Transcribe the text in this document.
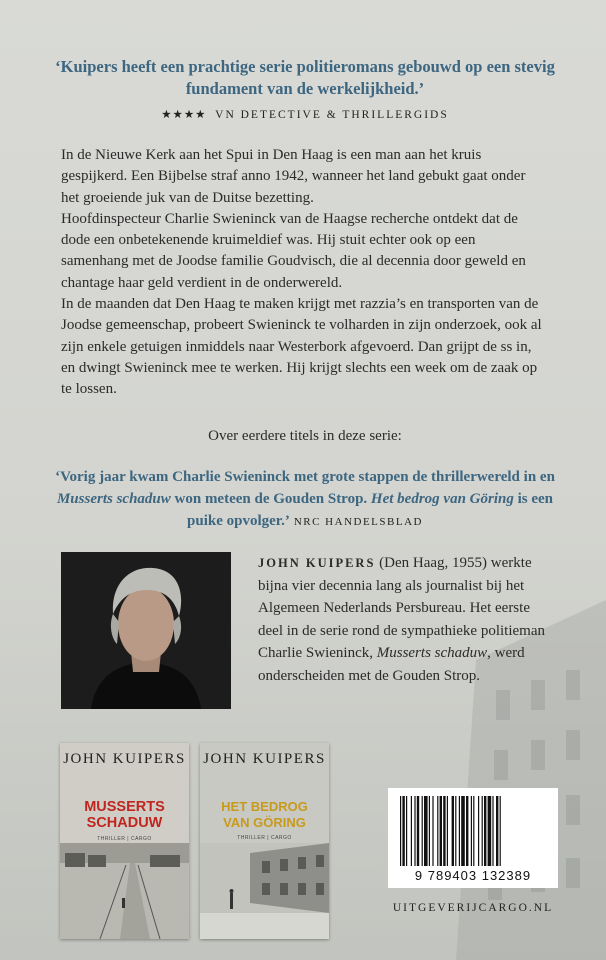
‘Kuipers heeft een prachtige serie politieromans gebouwd op een stevig fundament van de werkelijkheid.’
★★★★ VN DETECTIVE & THRILLERGIDS

In de Nieuwe Kerk aan het Spui in Den Haag is een man aan het kruis gespijkerd. Een Bijbelse straf anno 1942, wanneer het land gebukt gaat onder het groeiende juk van de Duitse bezetting.

Hoofdinspecteur Charlie Swieninck van de Haagse recherche ontdekt dat de dode een onbetekenende kruimeldief was. Hij stuit echter ook op een samenhang met de Joodse familie Goudvisch, die al decennia door geweld en chantage haar geld verdient in de onderwereld.

In de maanden dat Den Haag te maken krijgt met razzia’s en transporten van de Joodse gemeenschap, probeert Swieninck te volharden in zijn onderzoek, ook al zijn enkele getuigen inmiddels naar Westerbork afgevoerd. Dan grijpt de ss in, en dwingt Swieninck mee te werken. Hij krijgt slechts een week om de zaak op te lossen.

Over eerdere titels in deze serie:
‘Vorig jaar kwam Charlie Swieninck met grote stappen de thrillerwereld in en Musserts schaduw won meteen de Gouden Strop. Het bedrog van Göring is een puike opvolger.’ NRC HANDELSBLAD
JOHN KUIPERS (Den Haag, 1955) werkte bijna vier decennia lang als journalist bij het Algemeen Nederlands Persbureau. Het eerste deel in de serie rond de sympathieke politieman Charlie Swieninck, Musserts schaduw, werd onderscheiden met de Gouden Strop.
JOHN KUIPERS
MUSSERTS
SCHADUW
THRILLER | CARGO
JOHN KUIPERS
HET BEDROG
VAN GÖRING
THRILLER | CARGO
9 789403 132389
UITGEVERIJCARGO.NL
